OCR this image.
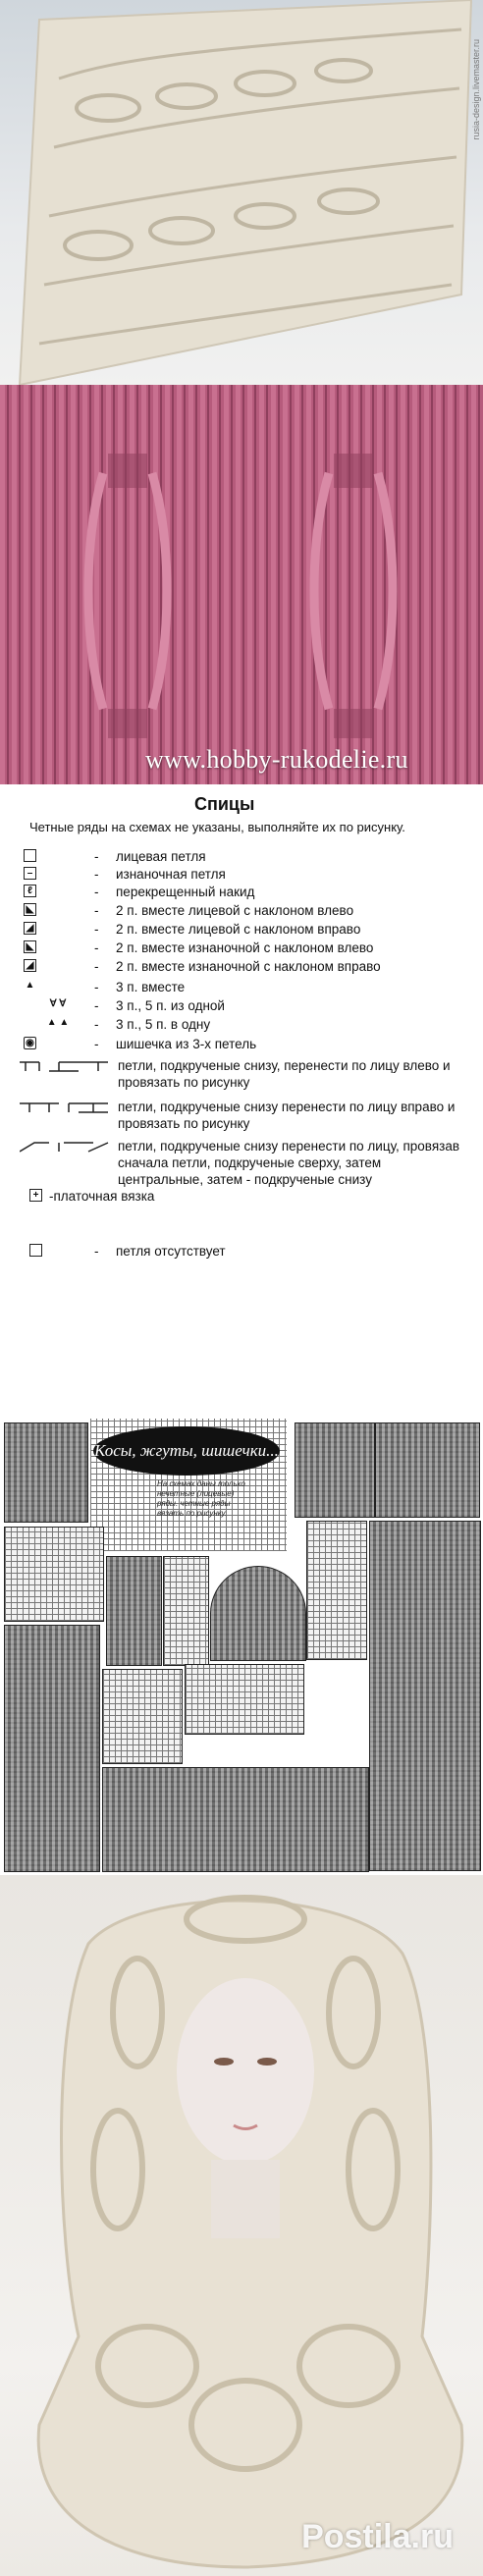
rusia-design.livemaster.ru
www.hobby-rukodelie.ru
Спицы
Четные ряды на схемах не указаны, выполняйте их по рисунку.
- лицевая петля
–	- изнаночная петля
ℓ	- перекрещенный накид
◣	- 2 п. вместе лицевой с наклоном влево
◢	- 2 п. вместе лицевой с наклоном вправо
◣	- 2 п. вместе изнаночной с наклоном влево
◢	- 2 п. вместе изнаночной с наклоном вправо
▲	- 3 п. вместе
∀ ∀	- 3 п., 5 п. из одной
▲ ▲	- 3 п., 5 п. в одну
◉	- шишечка из 3-х петель
петли, подкрученые снизу, перенести по лицу влево и провязать по рисунку
петли, подкрученые снизу перенести по лицу вправо и провязать по рисунку
петли, подкрученые снизу перенести по лицу, провязав сначала петли, подкрученые сверху, затем центральные, затем - подкрученые снизу
+ -платочная вязка
- петля отсутствует
Косы, жгуты, шишечки...
На схемах даны только нечетные (лицевые) ряды. четные ряды вязать по рисунку.
Postila.ru
